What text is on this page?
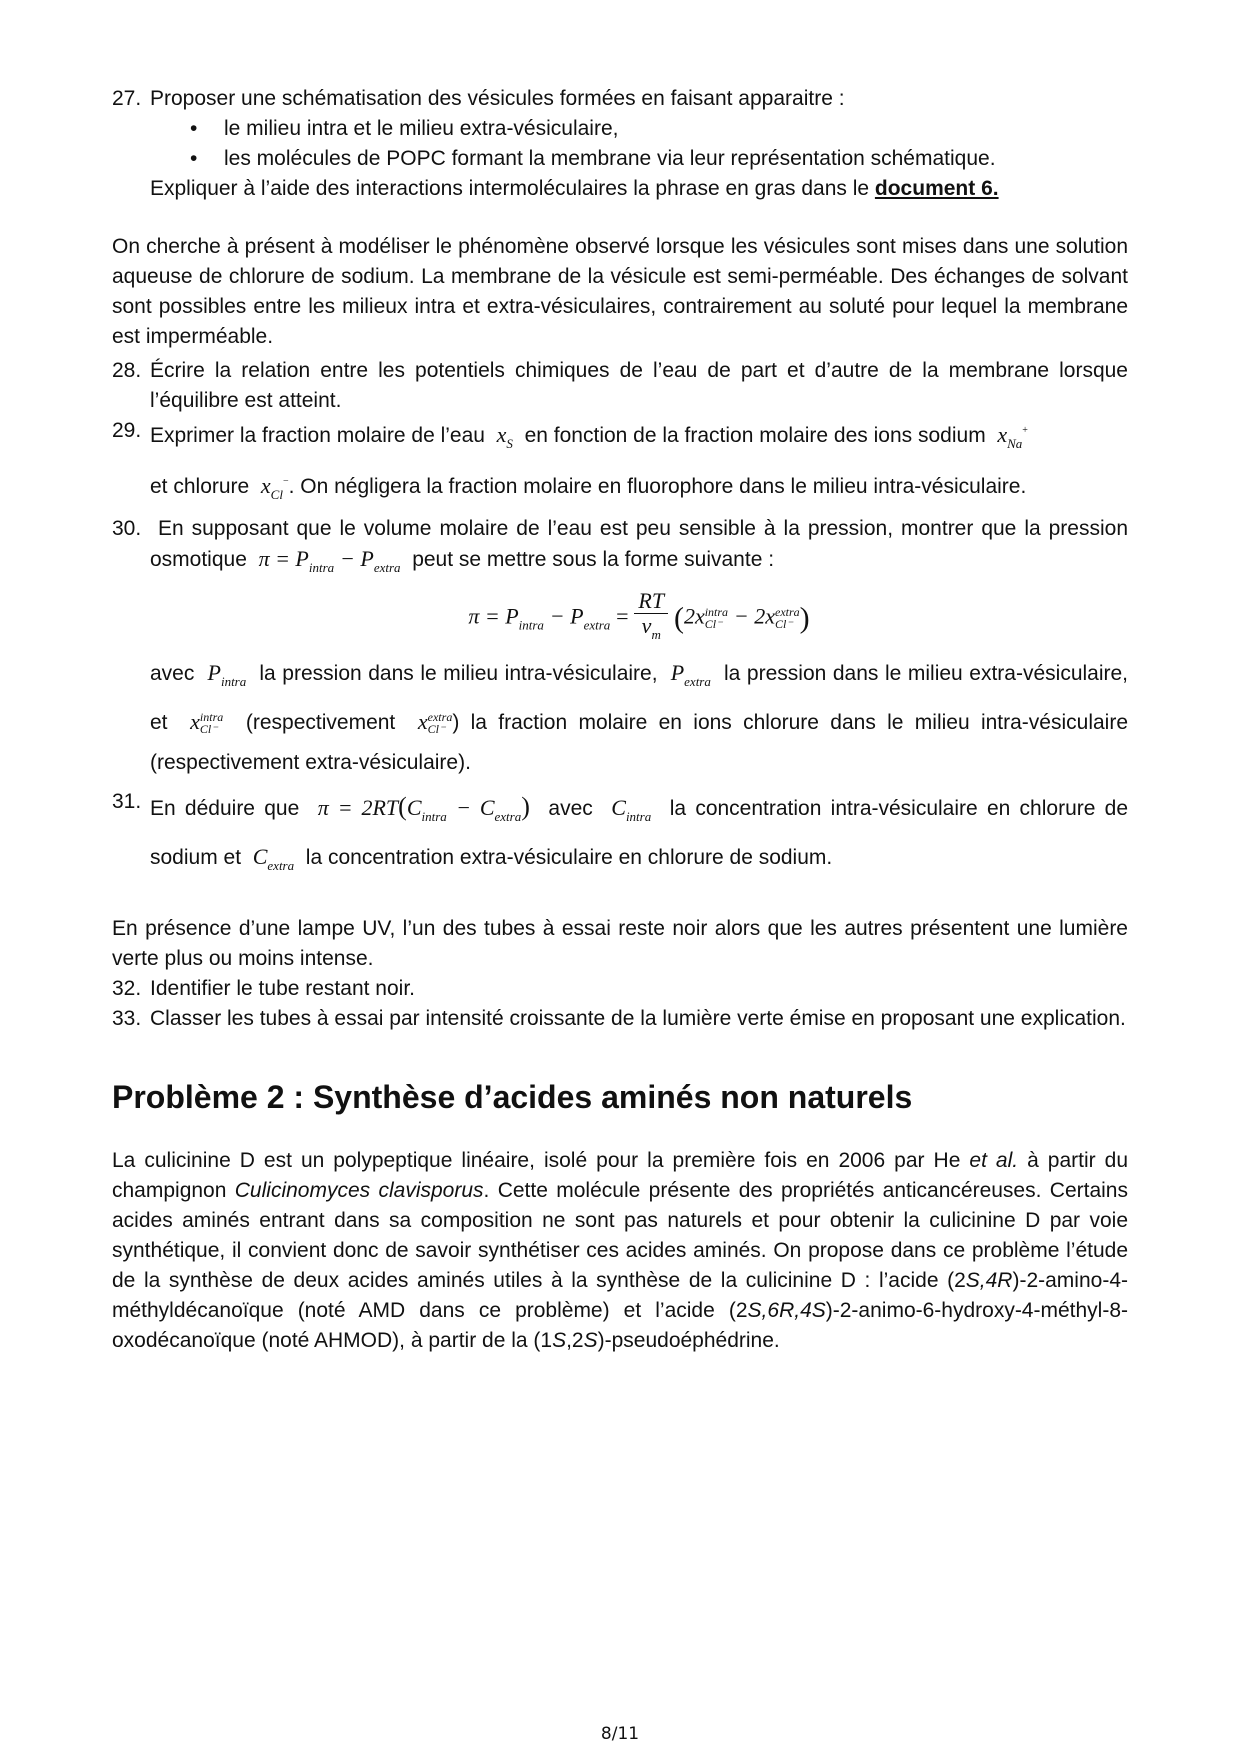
27. Proposer une schématisation des vésicules formées en faisant apparaitre :
• le milieu intra et le milieu extra-vésiculaire,
• les molécules de POPC formant la membrane via leur représentation schématique.

Expliquer à l’aide des interactions intermoléculaires la phrase en gras dans le document 6.

On cherche à présent à modéliser le phénomène observé lorsque les vésicules sont mises dans une solution aqueuse de chlorure de sodium. La membrane de la vésicule est semi-perméable. Des échanges de solvant sont possibles entre les milieux intra et extra-vésiculaires, contrairement au soluté pour lequel la membrane est imperméable.

28. Écrire la relation entre les potentiels chimiques de l’eau de part et d’autre de la membrane lorsque l’équilibre est atteint.
29. Exprimer la fraction molaire de l’eau $x_S$ en fonction de la fraction molaire des ions sodium $x_{Na}^+$
et chlorure $x_{Cl}^-$. On négligera la fraction molaire en fluorophore dans le milieu intra-vésiculaire.
30. En supposant que le volume molaire de l’eau est peu sensible à la pression, montrer que la pression osmotique $\pi = P_{intra} - P_{extra}$ peut se mettre sous la forme suivante :

$\pi = P_{intra} - P_{extra} = \frac{RT}{v_m} (2x$ intra
Cl⁻ − 2x extra
Cl⁻ )

avec $P_{intra}$ la pression dans le milieu intra-vésiculaire, $P_{extra}$ la pression dans le milieu extra-vésiculaire, et x intra
Cl⁻ (respectivement x extra
Cl⁻ ) la fraction molaire en ions chlorure dans le milieu intra-vésiculaire (respectivement extra-vésiculaire).

31. En déduire que $\pi = 2RT(C_{intra} - C_{extra})$ avec $C_{intra}$ la concentration intra-vésiculaire en chlorure de sodium et $C_{extra}$ la concentration extra-vésiculaire en chlorure de sodium.

En présence d’une lampe UV, l’un des tubes à essai reste noir alors que les autres présentent une lumière verte plus ou moins intense.

32. Identifier le tube restant noir.
33. Classer les tubes à essai par intensité croissante de la lumière verte émise en proposant une explication.
Problème 2 : Synthèse d’acides aminés non naturels

La culicinine D est un polypeptique linéaire, isolé pour la première fois en 2006 par He et al. à partir du champignon Culicinomyces clavisporus. Cette molécule présente des propriétés anticancéreuses. Certains acides aminés entrant dans sa composition ne sont pas naturels et pour obtenir la culicinine D par voie synthétique, il convient donc de savoir synthétiser ces acides aminés. On propose dans ce problème l’étude de la synthèse de deux acides aminés utiles à la synthèse de la culicinine D : l’acide (2S,4R)-2-amino-4-méthyldécanoïque (noté AMD dans ce problème) et l’acide (2S,6R,4S)-2-animo-6-hydroxy-4-méthyl-8-oxodécanoïque (noté AHMOD), à partir de la (1S,2S)-pseudoéphédrine.

8/11
